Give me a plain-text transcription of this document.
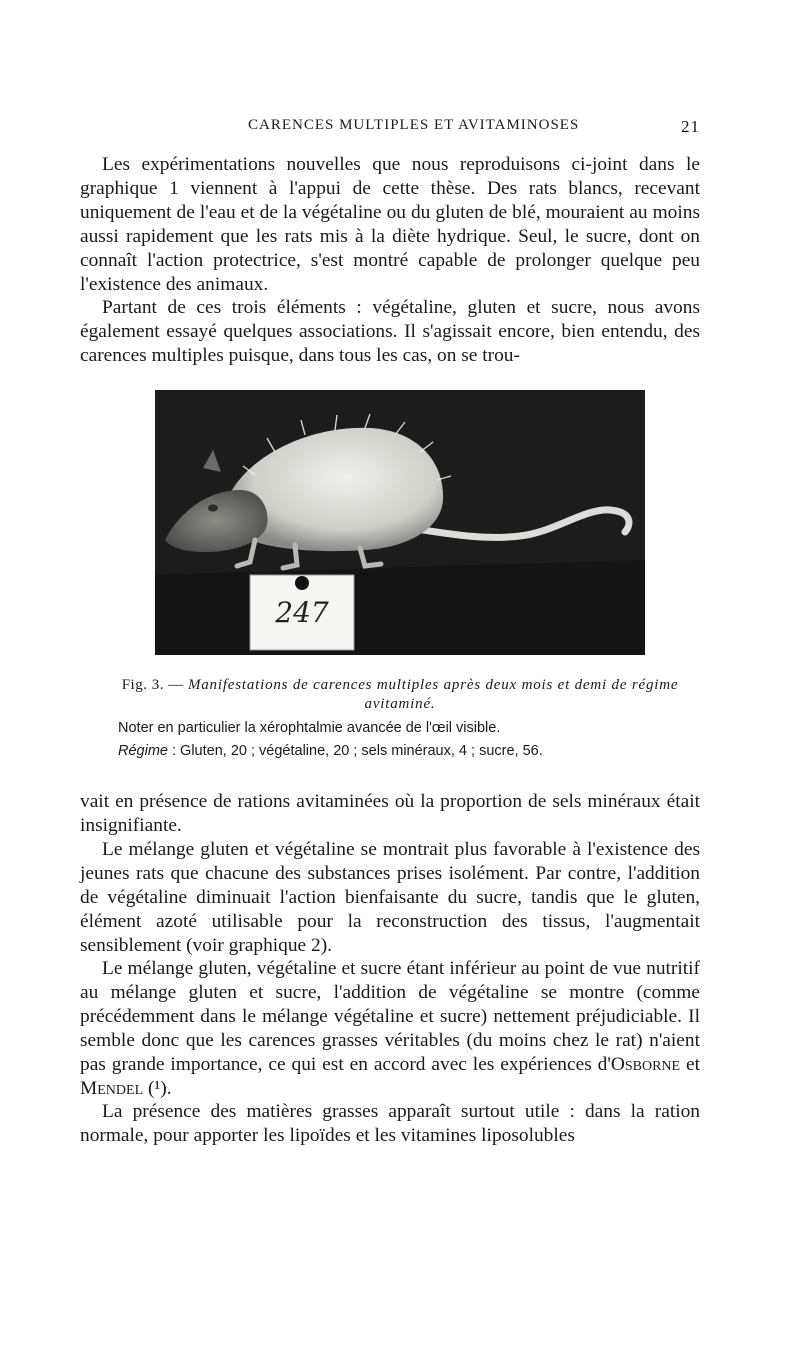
CARENCES MULTIPLES ET AVITAMINOSES	21

Les expérimentations nouvelles que nous reproduisons ci-joint dans le graphique 1 viennent à l'appui de cette thèse. Des rats blancs, recevant uniquement de l'eau et de la végétaline ou du gluten de blé, mouraient au moins aussi rapidement que les rats mis à la diète hydrique. Seul, le sucre, dont on connaît l'action protectrice, s'est montré capable de prolonger quelque peu l'existence des animaux.

Partant de ces trois éléments : végétaline, gluten et sucre, nous avons également essayé quelques associations. Il s'agissait encore, bien entendu, des carences multiples puisque, dans tous les cas, on se trou-

247
Fig. 3. — Manifestations de carences multiples après deux mois et demi de régime avitaminé.

Noter en particulier la xérophtalmie avancée de l'œil visible.

Régime : Gluten, 20 ; végétaline, 20 ; sels minéraux, 4 ; sucre, 56.

vait en présence de rations avitaminées où la proportion de sels minéraux était insignifiante.

Le mélange gluten et végétaline se montrait plus favorable à l'existence des jeunes rats que chacune des substances prises isolément. Par contre, l'addition de végétaline diminuait l'action bienfaisante du sucre, tandis que le gluten, élément azoté utilisable pour la reconstruction des tissus, l'augmentait sensiblement (voir graphique 2).

Le mélange gluten, végétaline et sucre étant inférieur au point de vue nutritif au mélange gluten et sucre, l'addition de végétaline se montre (comme précédemment dans le mélange végétaline et sucre) nettement préjudiciable. Il semble donc que les carences grasses véritables (du moins chez le rat) n'aient pas grande importance, ce qui est en accord avec les expériences d'Osborne et Mendel (¹).

La présence des matières grasses apparaît surtout utile : dans la ration normale, pour apporter les lipoïdes et les vitamines liposolubles
